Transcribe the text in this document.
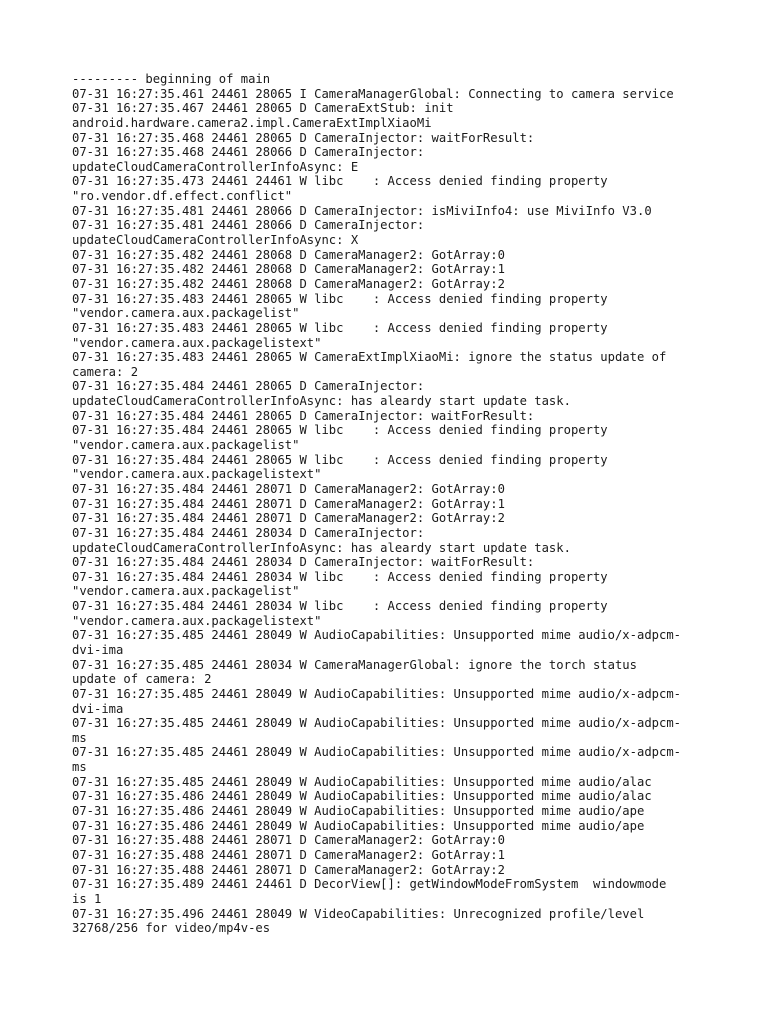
--------- beginning of main
07-31 16:27:35.461 24461 28065 I CameraManagerGlobal: Connecting to camera service
07-31 16:27:35.467 24461 28065 D CameraExtStub: init
android.hardware.camera2.impl.CameraExtImplXiaoMi
07-31 16:27:35.468 24461 28065 D CameraInjector: waitForResult:
07-31 16:27:35.468 24461 28066 D CameraInjector:
updateCloudCameraControllerInfoAsync: E
07-31 16:27:35.473 24461 24461 W libc    : Access denied finding property
"ro.vendor.df.effect.conflict"
07-31 16:27:35.481 24461 28066 D CameraInjector: isMiviInfo4: use MiviInfo V3.0
07-31 16:27:35.481 24461 28066 D CameraInjector:
updateCloudCameraControllerInfoAsync: X
07-31 16:27:35.482 24461 28068 D CameraManager2: GotArray:0
07-31 16:27:35.482 24461 28068 D CameraManager2: GotArray:1
07-31 16:27:35.482 24461 28068 D CameraManager2: GotArray:2
07-31 16:27:35.483 24461 28065 W libc    : Access denied finding property
"vendor.camera.aux.packagelist"
07-31 16:27:35.483 24461 28065 W libc    : Access denied finding property
"vendor.camera.aux.packagelistext"
07-31 16:27:35.483 24461 28065 W CameraExtImplXiaoMi: ignore the status update of
camera: 2
07-31 16:27:35.484 24461 28065 D CameraInjector:
updateCloudCameraControllerInfoAsync: has aleardy start update task.
07-31 16:27:35.484 24461 28065 D CameraInjector: waitForResult:
07-31 16:27:35.484 24461 28065 W libc    : Access denied finding property
"vendor.camera.aux.packagelist"
07-31 16:27:35.484 24461 28065 W libc    : Access denied finding property
"vendor.camera.aux.packagelistext"
07-31 16:27:35.484 24461 28071 D CameraManager2: GotArray:0
07-31 16:27:35.484 24461 28071 D CameraManager2: GotArray:1
07-31 16:27:35.484 24461 28071 D CameraManager2: GotArray:2
07-31 16:27:35.484 24461 28034 D CameraInjector:
updateCloudCameraControllerInfoAsync: has aleardy start update task.
07-31 16:27:35.484 24461 28034 D CameraInjector: waitForResult:
07-31 16:27:35.484 24461 28034 W libc    : Access denied finding property
"vendor.camera.aux.packagelist"
07-31 16:27:35.484 24461 28034 W libc    : Access denied finding property
"vendor.camera.aux.packagelistext"
07-31 16:27:35.485 24461 28049 W AudioCapabilities: Unsupported mime audio/x-adpcm-
dvi-ima
07-31 16:27:35.485 24461 28034 W CameraManagerGlobal: ignore the torch status
update of camera: 2
07-31 16:27:35.485 24461 28049 W AudioCapabilities: Unsupported mime audio/x-adpcm-
dvi-ima
07-31 16:27:35.485 24461 28049 W AudioCapabilities: Unsupported mime audio/x-adpcm-
ms
07-31 16:27:35.485 24461 28049 W AudioCapabilities: Unsupported mime audio/x-adpcm-
ms
07-31 16:27:35.485 24461 28049 W AudioCapabilities: Unsupported mime audio/alac
07-31 16:27:35.486 24461 28049 W AudioCapabilities: Unsupported mime audio/alac
07-31 16:27:35.486 24461 28049 W AudioCapabilities: Unsupported mime audio/ape
07-31 16:27:35.486 24461 28049 W AudioCapabilities: Unsupported mime audio/ape
07-31 16:27:35.488 24461 28071 D CameraManager2: GotArray:0
07-31 16:27:35.488 24461 28071 D CameraManager2: GotArray:1
07-31 16:27:35.488 24461 28071 D CameraManager2: GotArray:2
07-31 16:27:35.489 24461 24461 D DecorView[]: getWindowModeFromSystem  windowmode
is 1
07-31 16:27:35.496 24461 28049 W VideoCapabilities: Unrecognized profile/level
32768/256 for video/mp4v-es
